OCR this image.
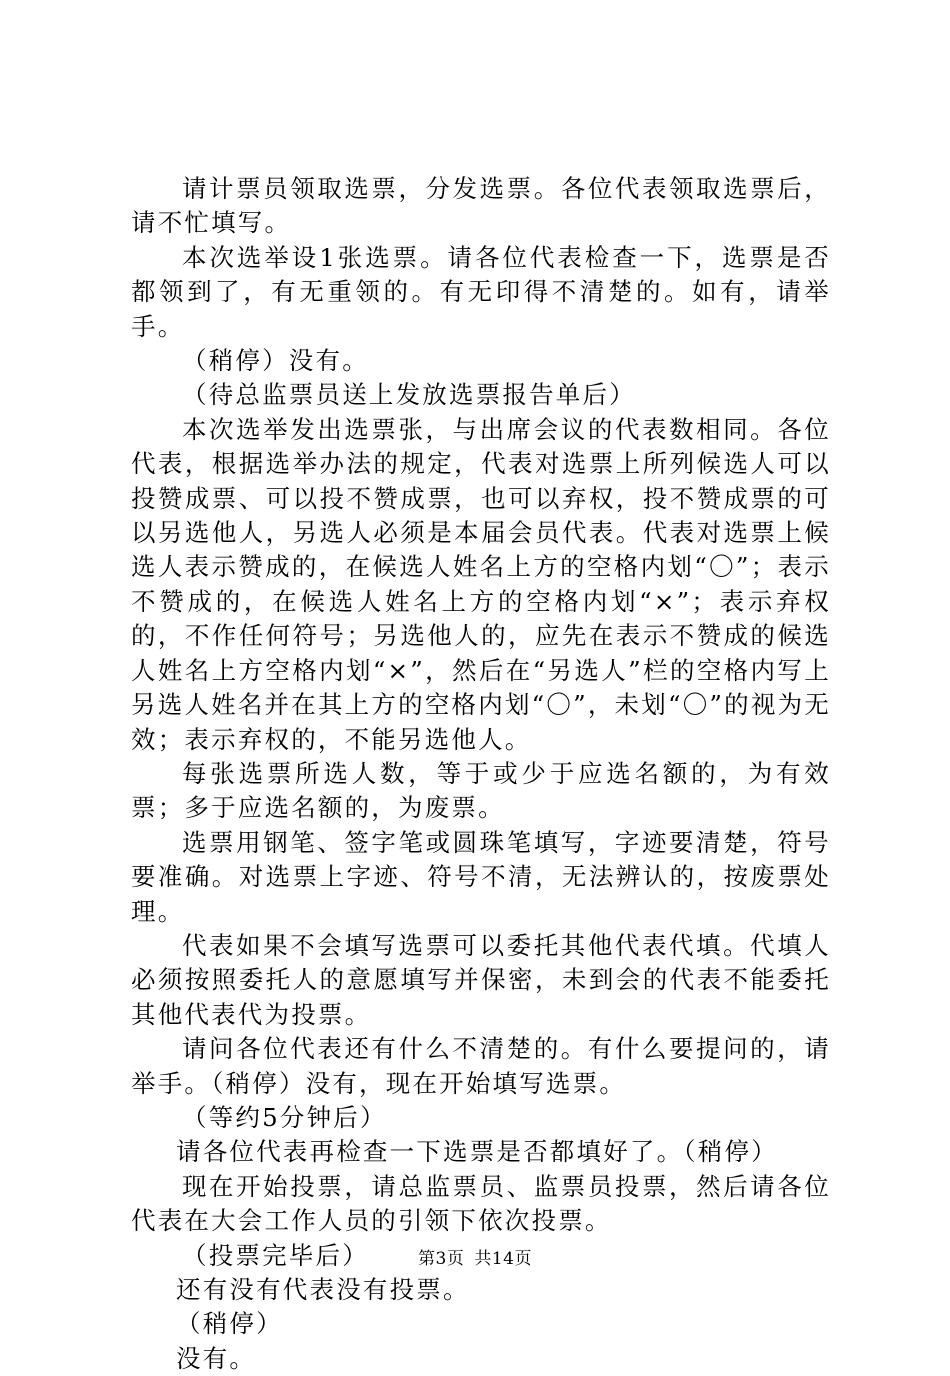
请计票员领取选票，分发选票。各位代表领取选票后，请不忙填写。

本次选举设1张选票。请各位代表检查一下，选票是否都领到了，有无重领的。有无印得不清楚的。如有，请举手。

（稍停）没有。

（待总监票员送上发放选票报告单后）

本次选举发出选票张，与出席会议的代表数相同。各位代表，根据选举办法的规定，代表对选票上所列候选人可以投赞成票、可以投不赞成票，也可以弃权，投不赞成票的可以另选他人，另选人必须是本届会员代表。代表对选票上候选人表示赞成的，在候选人姓名上方的空格内划“〇”；表示不赞成的，在候选人姓名上方的空格内划“×”；表示弃权的，不作任何符号；另选他人的，应先在表示不赞成的候选人姓名上方空格内划“×”，然后在“另选人”栏的空格内写上另选人姓名并在其上方的空格内划“〇”，未划“〇”的视为无效；表示弃权的，不能另选他人。

每张选票所选人数，等于或少于应选名额的，为有效票；多于应选名额的，为废票。

选票用钢笔、签字笔或圆珠笔填写，字迹要清楚，符号要准确。对选票上字迹、符号不清，无法辨认的，按废票处理。

代表如果不会填写选票可以委托其他代表代填。代填人必须按照委托人的意愿填写并保密，未到会的代表不能委托其他代表代为投票。

请问各位代表还有什么不清楚的。有什么要提问的，请举手。（稍停）没有，现在开始填写选票。

（等约5分钟后）

请各位代表再检查一下选票是否都填好了。（稍停）

现在开始投票，请总监票员、监票员投票，然后请各位代表在大会工作人员的引领下依次投票。

（投票完毕后）

还有没有代表没有投票。

（稍停）

没有。

第3页 共14页
